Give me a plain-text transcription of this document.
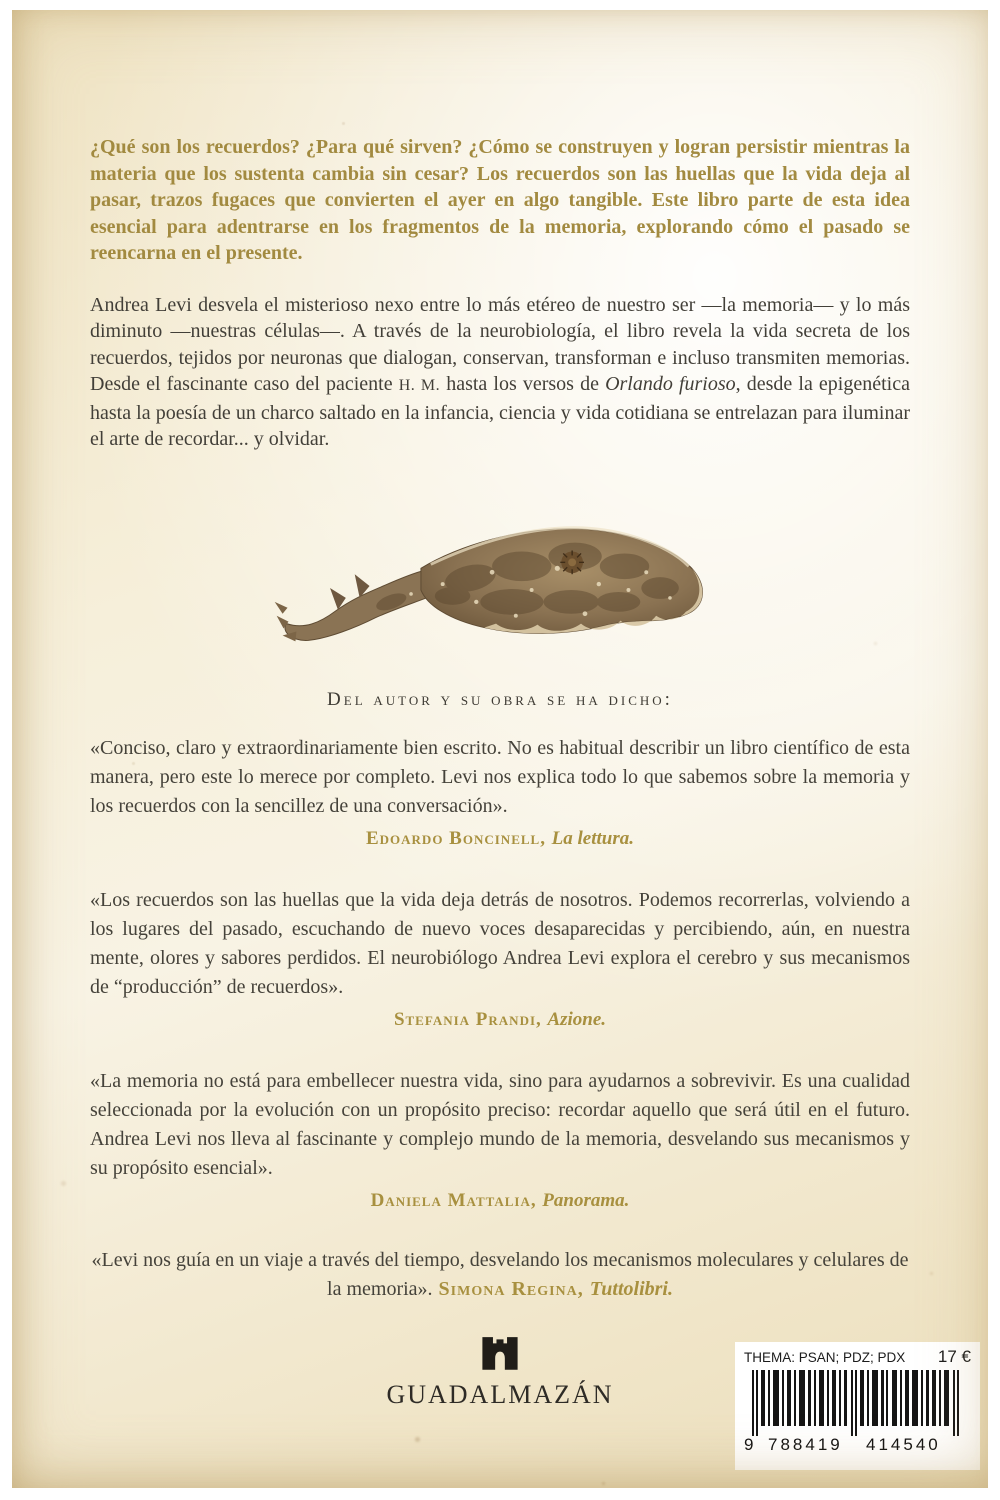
¿Qué son los recuerdos? ¿Para qué sirven? ¿Cómo se construyen y logran persistir mientras la materia que los sustenta cambia sin cesar? Los recuerdos son las huellas que la vida deja al pasar, trazos fugaces que convierten el ayer en algo tangible. Este libro parte de esta idea esencial para adentrarse en los fragmentos de la memoria, explorando cómo el pasado se reencarna en el presente.

Andrea Levi desvela el misterioso nexo entre lo más etéreo de nuestro ser —la memoria— y lo más diminuto —nuestras células—. A través de la neurobiología, el libro revela la vida secreta de los recuerdos, tejidos por neuronas que dialogan, conservan, transforman e incluso transmiten memorias. Desde el fascinante caso del paciente H. M. hasta los versos de Orlando furioso, desde la epigenética hasta la poesía de un charco saltado en la infancia, ciencia y vida cotidiana se entrelazan para iluminar el arte de recordar... y olvidar.

Del autor y su obra se ha dicho:

«Conciso, claro y extraordinariamente bien escrito. No es habitual describir un libro científico de esta manera, pero este lo merece por completo. Levi nos explica todo lo que sabemos sobre la memoria y los recuerdos con la sencillez de una conversación».

Edoardo Boncinell, La lettura.

«Los recuerdos son las huellas que la vida deja detrás de nosotros. Podemos recorrerlas, volviendo a los lugares del pasado, escuchando de nuevo voces desaparecidas y percibiendo, aún, en nuestra mente, olores y sabores perdidos. El neurobiólogo Andrea Levi explora el cerebro y sus mecanismos de “producción” de recuerdos».

Stefania Prandi, Azione.

«La memoria no está para embellecer nuestra vida, sino para ayudarnos a sobrevivir. Es una cualidad seleccionada por la evolución con un propósito preciso: recordar aquello que será útil en el futuro. Andrea Levi nos lleva al fascinante y complejo mundo de la memoria, desvelando sus mecanismos y su propósito esencial».

Daniela Mattalia, Panorama.

«Levi nos guía en un viaje a través del tiempo, desvelando los mecanismos moleculares y celulares de la memoria». Simona Regina, Tuttolibri.

GUADALMAZÁN
THEMA: PSAN; PDZ; PDX 17 €
9 788419 414540
